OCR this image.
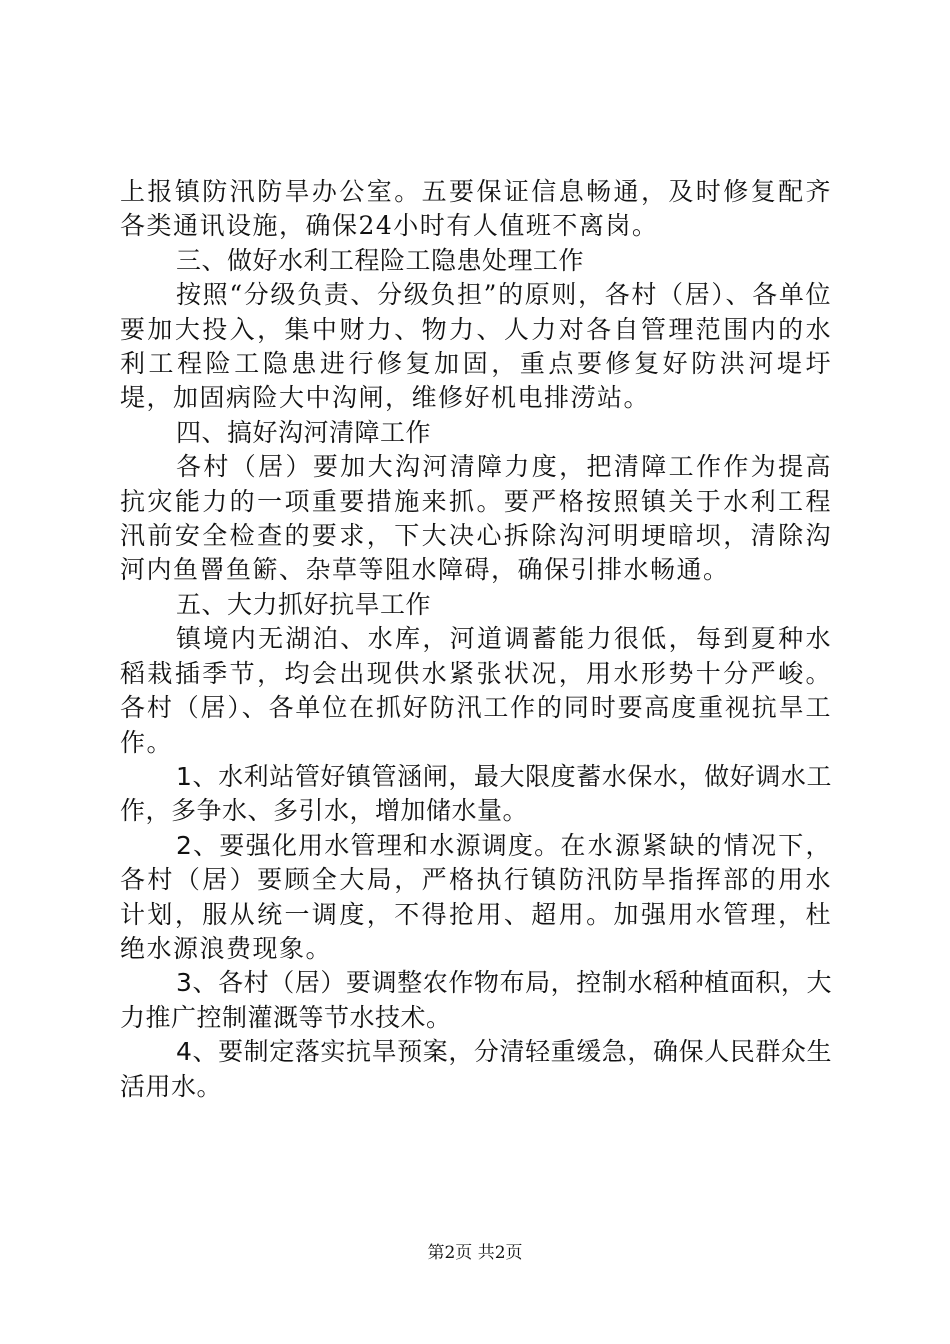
上报镇防汛防旱办公室。五要保证信息畅通，及时修复配齐各类通讯设施，确保24小时有人值班不离岗。

三、做好水利工程险工隐患处理工作

按照“分级负责、分级负担”的原则，各村（居）、各单位要加大投入，集中财力、物力、人力对各自管理范围内的水利工程险工隐患进行修复加固，重点要修复好防洪河堤圩堤，加固病险大中沟闸，维修好机电排涝站。

四、搞好沟河清障工作

各村（居）要加大沟河清障力度，把清障工作作为提高抗灾能力的一项重要措施来抓。要严格按照镇关于水利工程汛前安全检查的要求，下大决心拆除沟河明埂暗坝，清除沟河内鱼罾鱼簖、杂草等阻水障碍，确保引排水畅通。

五、大力抓好抗旱工作

镇境内无湖泊、水库，河道调蓄能力很低，每到夏种水稻栽插季节，均会出现供水紧张状况，用水形势十分严峻。各村（居）、各单位在抓好防汛工作的同时要高度重视抗旱工作。

1、水利站管好镇管涵闸，最大限度蓄水保水，做好调水工作，多争水、多引水，增加储水量。

2、要强化用水管理和水源调度。在水源紧缺的情况下，各村（居）要顾全大局，严格执行镇防汛防旱指挥部的用水计划，服从统一调度，不得抢用、超用。加强用水管理，杜绝水源浪费现象。

3、各村（居）要调整农作物布局，控制水稻种植面积，大力推广控制灌溉等节水技术。

4、要制定落实抗旱预案，分清轻重缓急，确保人民群众生活用水。

第2页 共2页
